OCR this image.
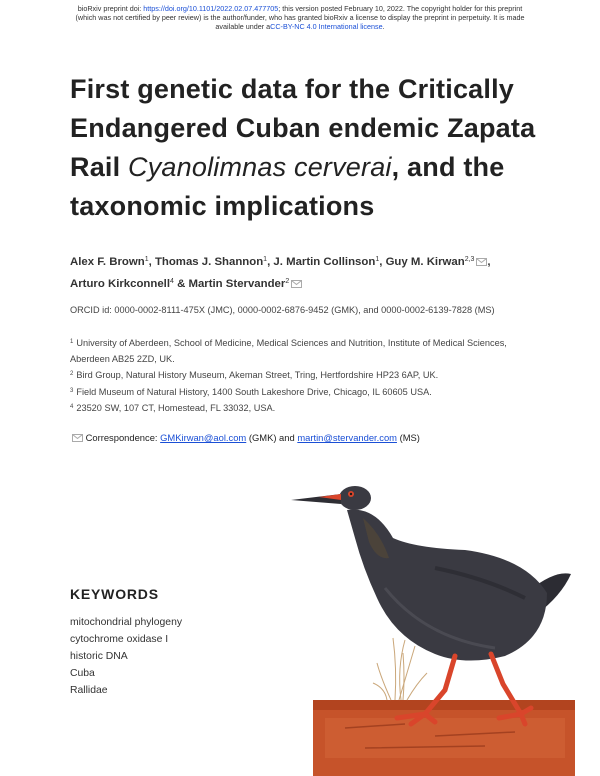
bioRxiv preprint doi: https://doi.org/10.1101/2022.02.07.477705; this version posted February 10, 2022. The copyright holder for this preprint
(which was not certified by peer review) is the author/funder, who has granted bioRxiv a license to display the preprint in perpetuity. It is made
available under aCC-BY-NC 4.0 International license.
First genetic data for the Critically Endangered Cuban endemic Zapata Rail Cyanolimnas cerverai, and the taxonomic implications
Alex F. Brown$^1$, Thomas J. Shannon$^1$, J. Martin Collinson$^1$, Guy M. Kirwan$^{2,3}$ ,
Arturo Kirkconnell$^4$ & Martin Stervander$^2$
ORCID id: 0000-0002-8111-475X (JMC), 0000-0002-6876-9452 (GMK), and 0000-0002-6139-7828 (MS)

$^1$ University of Aberdeen, School of Medicine, Medical Sciences and Nutrition, Institute of Medical Sciences, Aberdeen AB25 2ZD, UK.

$^2$ Bird Group, Natural History Museum, Akeman Street, Tring, Hertfordshire HP23 6AP, UK.

$^3$ Field Museum of Natural History, 1400 South Lakeshore Drive, Chicago, IL 60605 USA.

$^4$ 23520 SW, 107 CT, Homestead, FL 33032, USA.

Correspondence: GMKirwan@aol.com (GMK) and martin@stervander.com (MS)
KEYWORDS
mitochondrial phylogeny
cytochrome oxidase I
historic DNA
Cuba
Rallidae
